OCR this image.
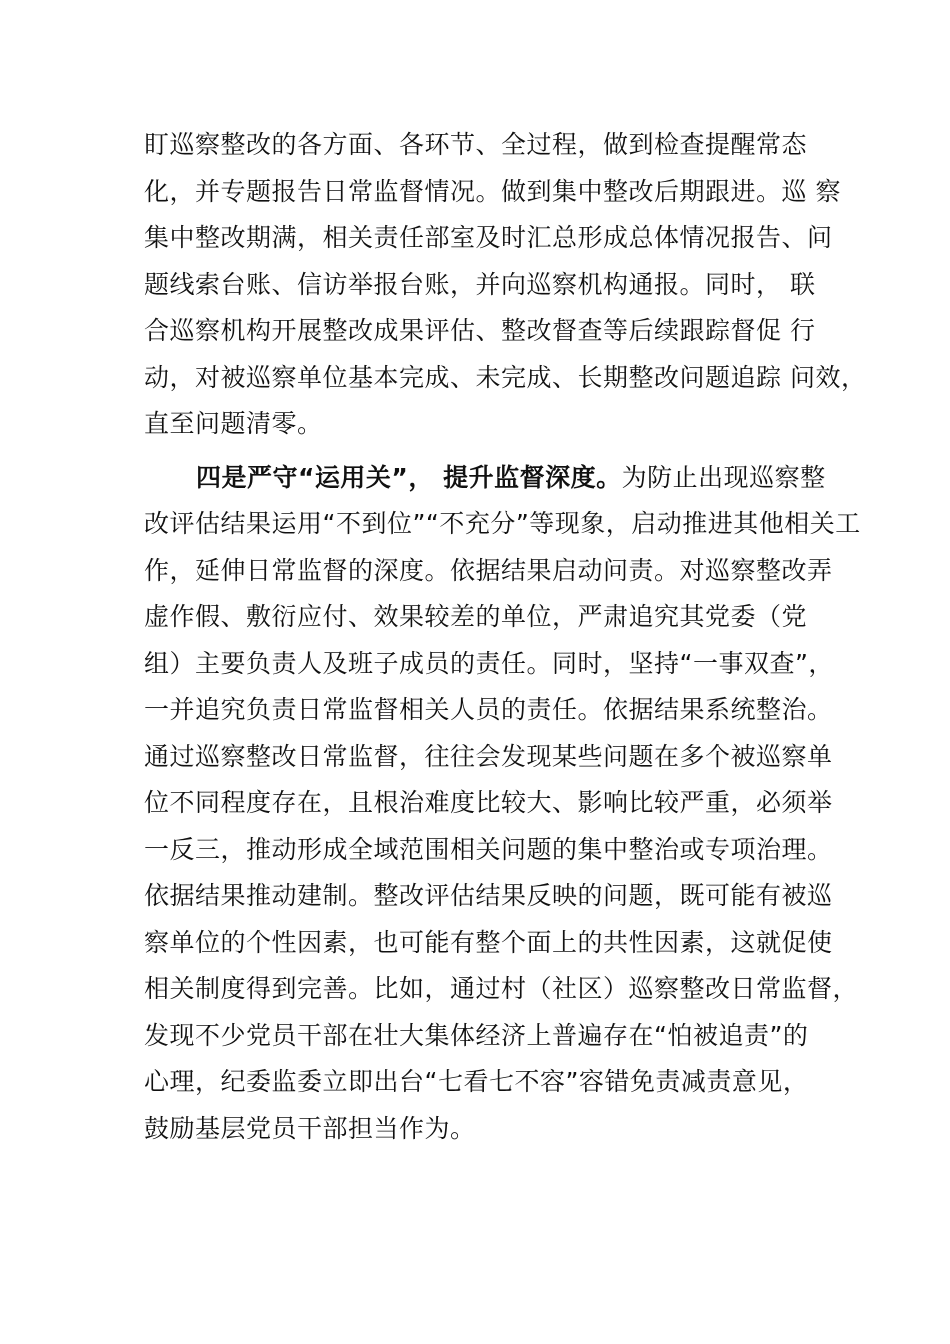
盯巡察整改的各方面、各环节、全过程，做到检查提醒常态
化，并专题报告日常监督情况。做到集中整改后期跟进。巡 察
集中整改期满，相关责任部室及时汇总形成总体情况报告、问
题线索台账、信访举报台账，并向巡察机构通报。同时， 联
合巡察机构开展整改成果评估、整改督查等后续跟踪督促 行
动，对被巡察单位基本完成、未完成、长期整改问题追踪 问效，
直至问题清零。
四是严守“运用关”， 提升监督深度。为防止出现巡察整
改评估结果运用“不到位”“不充分”等现象，启动推进其他相关工
作，延伸日常监督的深度。依据结果启动问责。对巡察整改弄
虚作假、敷衍应付、效果较差的单位，严肃追究其党委（党
组）主要负责人及班子成员的责任。同时，坚持“一事双查”，
一并追究负责日常监督相关人员的责任。依据结果系统整治。
通过巡察整改日常监督，往往会发现某些问题在多个被巡察单
位不同程度存在，且根治难度比较大、影响比较严重，必须举
一反三，推动形成全域范围相关问题的集中整治或专项治理。
依据结果推动建制。整改评估结果反映的问题，既可能有被巡
察单位的个性因素，也可能有整个面上的共性因素，这就促使
相关制度得到完善。比如，通过村（社区）巡察整改日常监督，
发现不少党员干部在壮大集体经济上普遍存在“怕被追责”的
心理，纪委监委立即出台“七看七不容”容错免责减责意见，
鼓励基层党员干部担当作为。
